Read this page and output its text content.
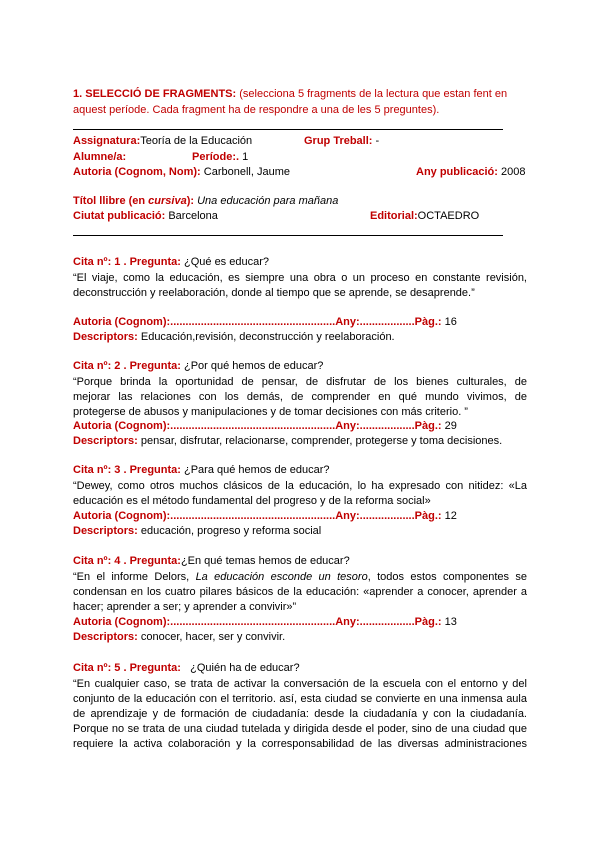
1. SELECCIÓ DE FRAGMENTS: (selecciona 5 fragments de la lectura que estan fent en
aquest període. Cada fragment ha de respondre a una de les 5 preguntes).
Assignatura:Teoría de la Educación	Grup Treball: -
Alumne/a:	Període:. 1
Autoria (Cognom, Nom): Carbonell, Jaume	Any publicació: 2008
Títol llibre (en cursiva): Una educación para mañana
Ciutat publicació: Barcelona	Editorial:OCTAEDRO
Cita nº: 1 . Pregunta: ¿Qué es educar?
“El viaje, como la educación, es siempre una obra o un proceso en constante revisión,
deconstrucción y reelaboración, donde al tiempo que se aprende, se desaprende.”
Autoria (Cognom):......................................................Any:..................Pàg.: 16
Descriptors: Educación,revisión, deconstrucción y reelaboración.
Cita nº: 2 . Pregunta: ¿Por qué hemos de educar?
“Porque brinda la oportunidad de pensar, de disfrutar de los bienes culturales, de
mejorar las relaciones con los demás, de comprender en qué mundo vivimos, de
protegerse de abusos y manipulaciones y de tomar decisiones con más criterio. ”
Autoria (Cognom):......................................................Any:..................Pàg.: 29
Descriptors: pensar, disfrutar, relacionarse, comprender, protegerse y toma decisiones.
Cita nº: 3 . Pregunta: ¿Para qué hemos de educar?
“Dewey, como otros muchos clásicos de la educación, lo ha expresado con nitidez: «La
educación es el método fundamental del progreso y de la reforma social»
Autoria (Cognom):......................................................Any:..................Pàg.: 12
Descriptors: educación, progreso y reforma social
Cita nº: 4 . Pregunta:¿En qué temas hemos de educar?
“En el informe Delors, La educación esconde un tesoro, todos estos componentes se
condensan en los cuatro pilares básicos de la educación: «aprender a conocer, aprender a
hacer; aprender a ser; y aprender a convivir»”
Autoria (Cognom):......................................................Any:..................Pàg.: 13
Descriptors: conocer, hacer, ser y convivir.
Cita nº: 5 . Pregunta: ¿Quién ha de educar?
“En cualquier caso, se trata de activar la conversación de la escuela con el entorno y del
conjunto de la educación con el territorio. así, esta ciudad se convierte en una inmensa aula
de aprendizaje y de formación de ciudadanía: desde la ciudadanía y con la ciudadanía.
Porque no se trata de una ciudad tutelada y dirigida desde el poder, sino de una ciudad que
requiere la activa colaboración y la corresponsabilidad de las diversas administraciones
